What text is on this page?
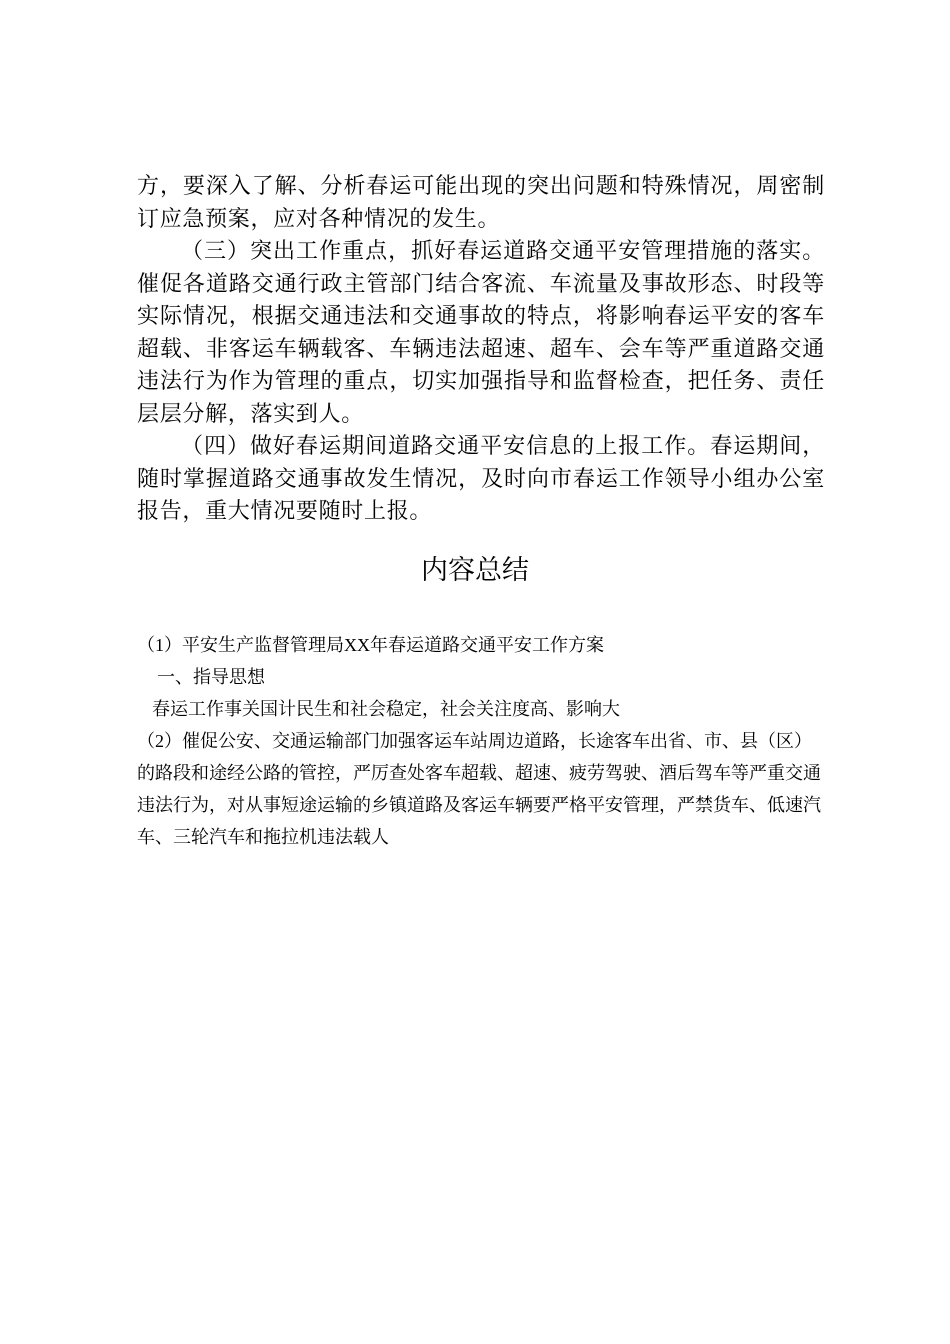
方，要深入了解、分析春运可能出现的突出问题和特殊情况，周密制订应急预案，应对各种情况的发生。

（三）突出工作重点，抓好春运道路交通平安管理措施的落实。催促各道路交通行政主管部门结合客流、车流量及事故形态、时段等实际情况，根据交通违法和交通事故的特点，将影响春运平安的客车超载、非客运车辆载客、车辆违法超速、超车、会车等严重道路交通违法行为作为管理的重点，切实加强指导和监督检查，把任务、责任层层分解，落实到人。

（四）做好春运期间道路交通平安信息的上报工作。春运期间，随时掌握道路交通事故发生情况，及时向市春运工作领导小组办公室报告，重大情况要随时上报。

内容总结

（1）平安生产监督管理局XX年春运道路交通平安工作方案

一、指导思想

春运工作事关国计民生和社会稳定，社会关注度高、影响大

（2）催促公安、交通运输部门加强客运车站周边道路，长途客车出省、市、县（区）的路段和途经公路的管控，严厉查处客车超载、超速、疲劳驾驶、酒后驾车等严重交通违法行为，对从事短途运输的乡镇道路及客运车辆要严格平安管理，严禁货车、低速汽车、三轮汽车和拖拉机违法载人
